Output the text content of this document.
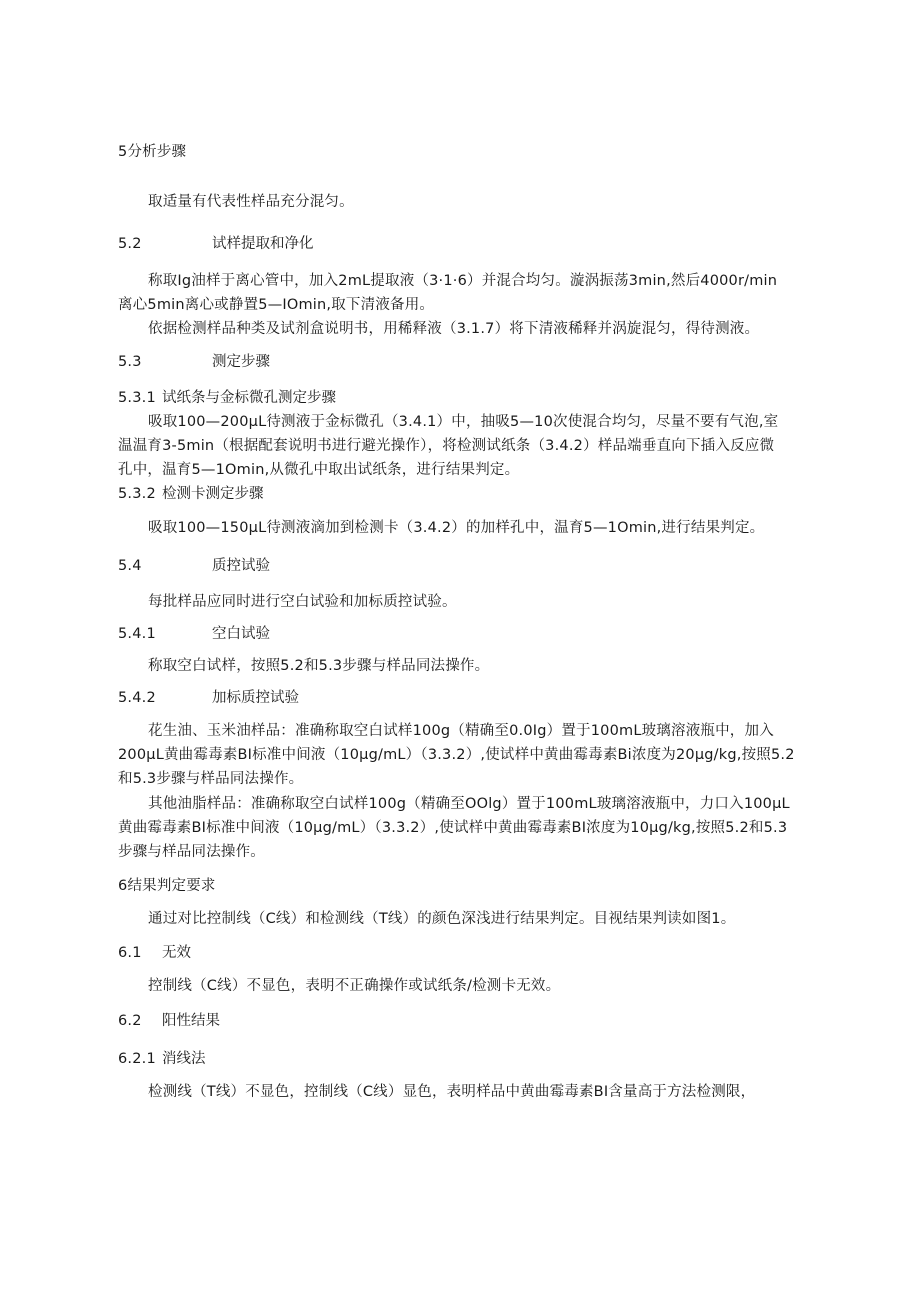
5分析步骤
取适量有代表性样品充分混匀。
5.2	试样提取和净化
称取Ig油样于离心管中，加入2mL提取液（3·1·6）并混合均匀。漩涡振荡3min,然后4000r/min
离心5min离心或静置5—IOmin,取下清液备用。
依据检测样品种类及试剂盒说明书，用稀释液（3.1.7）将下清液稀释并涡旋混匀，得待测液。
5.3	测定步骤
5.3.1 试纸条与金标微孔测定步骤
吸取100—200μL待测液于金标微孔（3.4.1）中，抽吸5—10次使混合均匀，尽量不要有气泡,室
温温育3-5min（根据配套说明书进行避光操作），将检测试纸条（3.4.2）样品端垂直向下插入反应微
孔中，温育5—1Omin,从微孔中取出试纸条，进行结果判定。
5.3.2 检测卡测定步骤
吸取100—150μL待测液滴加到检测卡（3.4.2）的加样孔中，温育5—1Omin,进行结果判定。
5.4	质控试验
每批样品应同时进行空白试验和加标质控试验。
5.4.1	空白试验
称取空白试样，按照5.2和5.3步骤与样品同法操作。
5.4.2	加标质控试验
花生油、玉米油样品：准确称取空白试样100g（精确至0.0Ig）置于100mL玻璃溶液瓶中，加入
200μL黄曲霉毒素BI标准中间液（10μg∕mL）（3.3.2）,使试样中黄曲霉毒素Bi浓度为20μg∕kg,按照5.2
和5.3步骤与样品同法操作。
其他油脂样品：准确称取空白试样100g（精确至OOlg）置于100mL玻璃溶液瓶中，力口入100μL
黄曲霉毒素BI标准中间液（10μg∕mL）（3.3.2）,使试样中黄曲霉毒素BI浓度为10μg∕kg,按照5.2和5.3
步骤与样品同法操作。
6结果判定要求
通过对比控制线（C线）和检测线（T线）的颜色深浅进行结果判定。目视结果判读如图1。
6.1 无效
控制线（C线）不显色，表明不正确操作或试纸条/检测卡无效。
6.2 阳性结果
6.2.1 消线法
检测线（T线）不显色，控制线（C线）显色，表明样品中黄曲霉毒素BI含量高于方法检测限，
